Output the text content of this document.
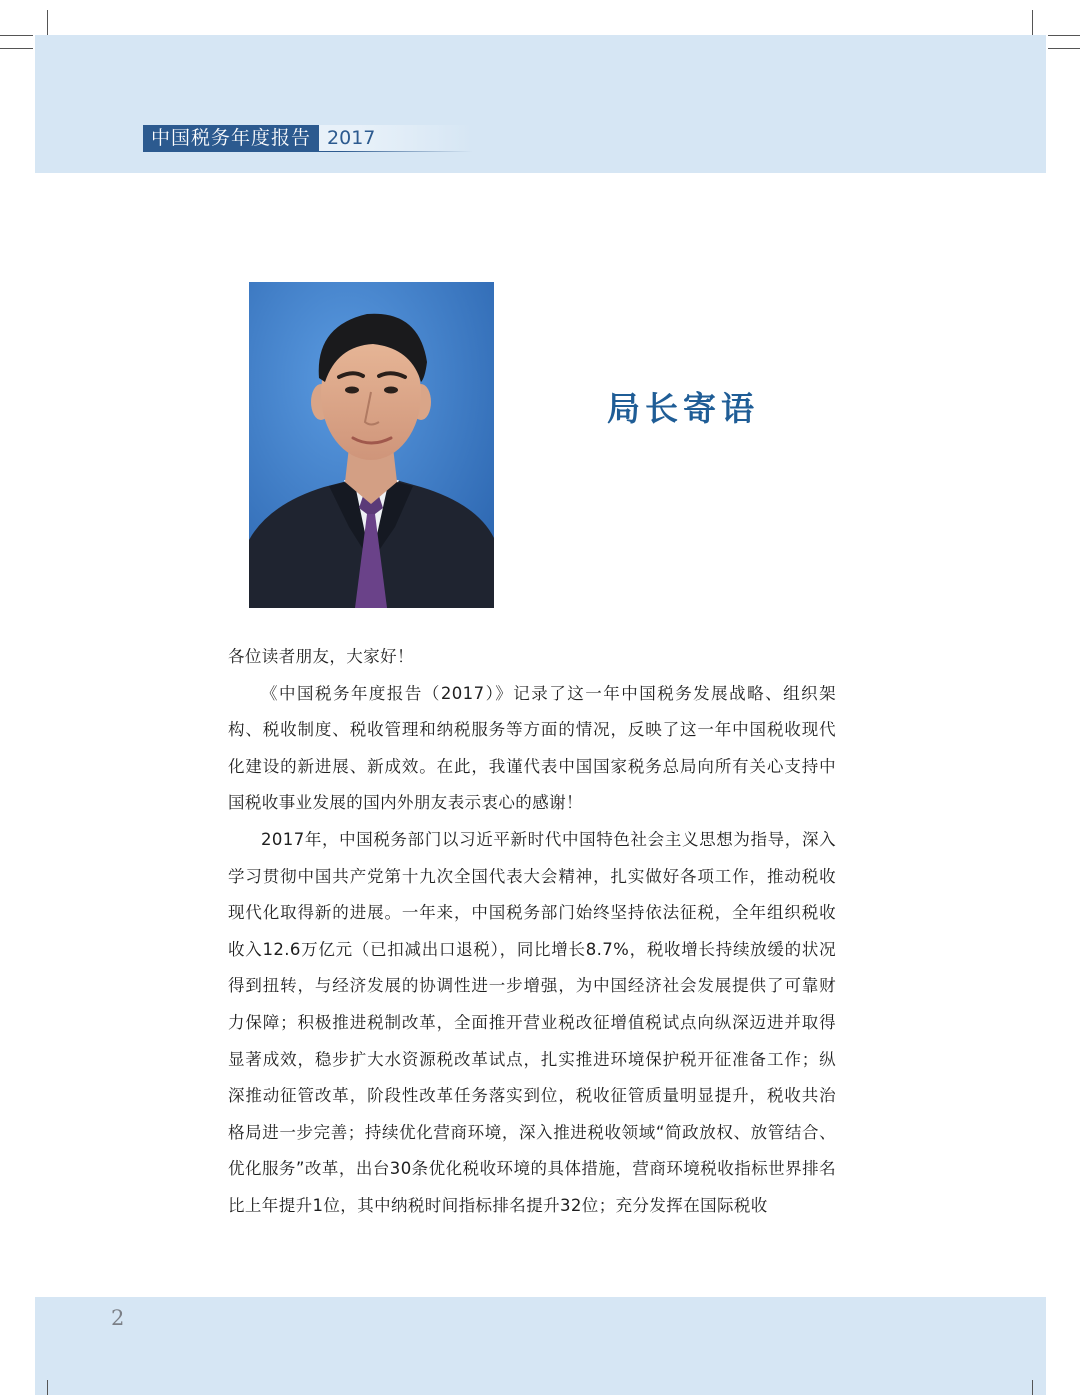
中国税务年度报告 2017
局长寄语

各位读者朋友，大家好！

《中国税务年度报告（2017）》记录了这一年中国税务发展战略、组织架构、税收制度、税收管理和纳税服务等方面的情况，反映了这一年中国税收现代化建设的新进展、新成效。在此，我谨代表中国国家税务总局向所有关心支持中国税收事业发展的国内外朋友表示衷心的感谢！

2017年，中国税务部门以习近平新时代中国特色社会主义思想为指导，深入学习贯彻中国共产党第十九次全国代表大会精神，扎实做好各项工作，推动税收现代化取得新的进展。一年来，中国税务部门始终坚持依法征税，全年组织税收收入12.6万亿元（已扣减出口退税），同比增长8.7%，税收增长持续放缓的状况得到扭转，与经济发展的协调性进一步增强，为中国经济社会发展提供了可靠财力保障；积极推进税制改革，全面推开营业税改征增值税试点向纵深迈进并取得显著成效，稳步扩大水资源税改革试点，扎实推进环境保护税开征准备工作；纵深推动征管改革，阶段性改革任务落实到位，税收征管质量明显提升，税收共治格局进一步完善；持续优化营商环境，深入推进税收领域“简政放权、放管结合、优化服务”改革，出台30条优化税收环境的具体措施，营商环境税收指标世界排名比上年提升1位，其中纳税时间指标排名提升32位；充分发挥在国际税收

2
